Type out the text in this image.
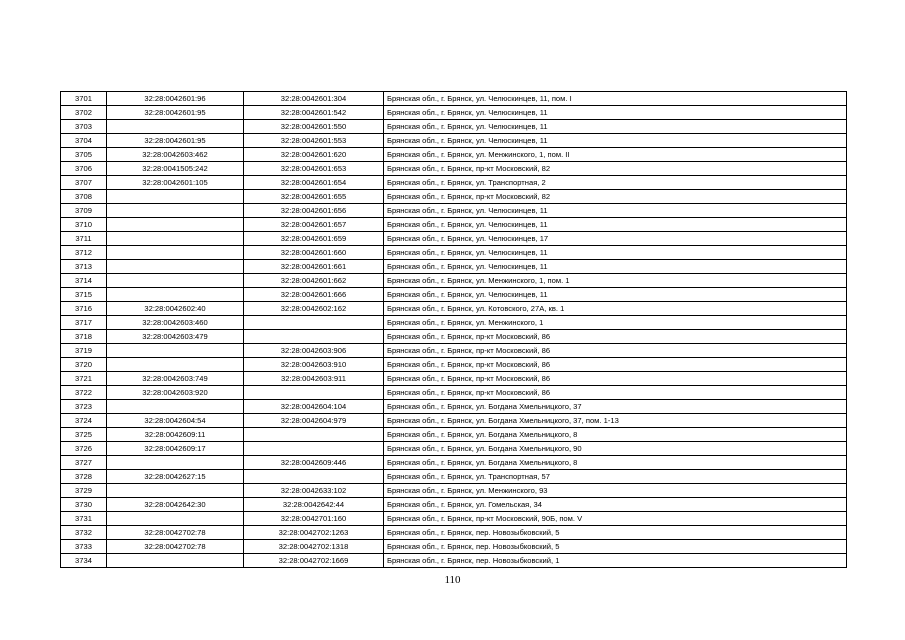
3701	32:28:0042601:96	32:28:0042601:304	Брянская обл., г. Брянск, ул. Челюскинцев, 11, пом. I
3702	32:28:0042601:95	32:28:0042601:542	Брянская обл., г. Брянск, ул. Челюскинцев, 11
3703		32:28:0042601:550	Брянская обл., г. Брянск, ул. Челюскинцев, 11
3704	32:28:0042601:95	32:28:0042601:553	Брянская обл., г. Брянск, ул. Челюскинцев, 11
3705	32:28:0042603:462	32:28:0042601:620	Брянская обл., г. Брянск, ул. Менжинского, 1, пом. II
3706	32:28:0041505:242	32:28:0042601:653	Брянская обл., г. Брянск, пр-кт Московский, 82
3707	32:28:0042601:105	32:28:0042601:654	Брянская обл., г. Брянск, ул. Транспортная, 2
3708		32:28:0042601:655	Брянская обл., г. Брянск, пр-кт Московский, 82
3709		32:28:0042601:656	Брянская обл., г. Брянск, ул. Челюскинцев, 11
3710		32:28:0042601:657	Брянская обл., г. Брянск, ул. Челюскинцев, 11
3711		32:28:0042601:659	Брянская обл., г. Брянск, ул. Челюскинцев, 17
3712		32:28:0042601:660	Брянская обл., г. Брянск, ул. Челюскинцев, 11
3713		32:28:0042601:661	Брянская обл., г. Брянск, ул. Челюскинцев, 11
3714		32:28:0042601:662	Брянская обл., г. Брянск, ул. Менжинского, 1, пом. 1
3715		32:28:0042601:666	Брянская обл., г. Брянск, ул. Челюскинцев, 11
3716	32:28:0042602:40	32:28:0042602:162	Брянская обл., г. Брянск, ул. Котовского, 27А, кв. 1
3717	32:28:0042603:460		Брянская обл., г. Брянск, ул. Менжинского, 1
3718	32:28:0042603:479		Брянская обл., г. Брянск, пр-кт Московский, 86
3719		32:28:0042603:906	Брянская обл., г. Брянск, пр-кт Московский, 86
3720		32:28:0042603:910	Брянская обл., г. Брянск, пр-кт Московский, 86
3721	32:28:0042603:749	32:28:0042603:911	Брянская обл., г. Брянск, пр-кт Московский, 86
3722	32:28:0042603:920		Брянская обл., г. Брянск, пр-кт Московский, 86
3723		32:28:0042604:104	Брянская обл., г. Брянск, ул. Богдана Хмельницкого, 37
3724	32:28:0042604:54	32:28:0042604:979	Брянская обл., г. Брянск, ул. Богдана Хмельницкого, 37, пом. 1-13
3725	32:28:0042609:11		Брянская обл., г. Брянск, ул. Богдана Хмельницкого, 8
3726	32:28:0042609:17		Брянская обл., г. Брянск, ул. Богдана Хмельницкого, 90
3727		32:28:0042609:446	Брянская обл., г. Брянск, ул. Богдана Хмельницкого, 8
3728	32:28:0042627:15		Брянская обл., г. Брянск, ул. Транспортная, 57
3729		32:28:0042633:102	Брянская обл., г. Брянск, ул. Менжинского, 93
3730	32:28:0042642:30	32:28:0042642:44	Брянская обл., г. Брянск, ул. Гомельская, 34
3731		32:28:0042701:160	Брянская обл., г. Брянск, пр-кт Московский, 90Б, пом. V
3732	32:28:0042702:78	32:28:0042702:1263	Брянская обл., г. Брянск, пер. Новозыбковский, 5
3733	32:28:0042702:78	32:28:0042702:1318	Брянская обл., г. Брянск, пер. Новозыбковский, 5
3734		32:28:0042702:1669	Брянская обл., г. Брянск, пер. Новозыбковский, 1
110
